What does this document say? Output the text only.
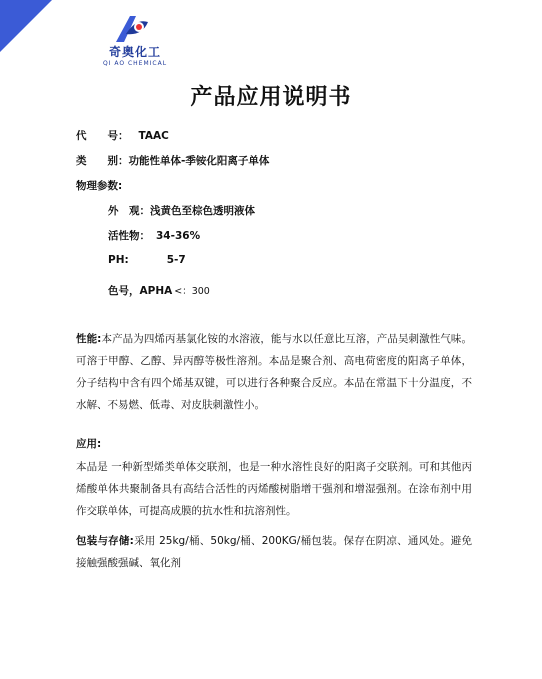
奇奥化工
QI AO CHEMICAL
产品应用说明书
代　　号： TAAC
类　　别：功能性单体-季铵化阳离子单体
物理参数:
外　观：浅黄色至棕色透明液体
活性物： 34-36%
PH:	5-7
色号，APHA <：300
性能:本产品为四烯丙基氯化铵的水溶液，能与水以任意比互溶，产品吴刺激性气味。可溶于甲醇、乙醇、异丙醇等极性溶剂。本品是聚合剂、高电荷密度的阳离子单体，分子结构中含有四个烯基双键，可以进行各种聚合反应。本品在常温下十分温度，不水解、不易燃、低毒、对皮肤刺激性小。
应用:
本品是 一种新型烯类单体交联剂，也是一种水溶性良好的阳离子交联剂。可和其他丙烯酸单体共聚制备具有高结合活性的丙烯酸树脂增干强剂和增湿强剂。在涂布剂中用作交联单体，可提高成膜的抗水性和抗溶剂性。
包装与存储:采用 25kg/桶、50kg/桶、200KG/桶包装。保存在阴凉、通风处。避免接触强酸强碱、氧化剂
